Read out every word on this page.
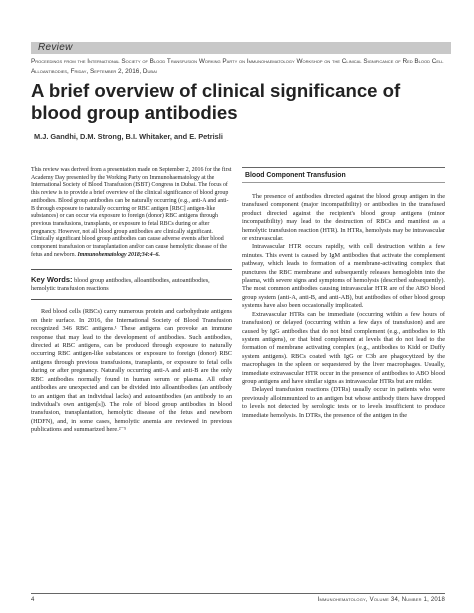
Review
Proceedings from the International Society of Blood Transfusion Working Party on Immunohaematology Workshop on the Clinical Significance of Red Blood Cell Alloantibodies, Friday, September 2, 2016, Dubai
A brief overview of clinical significance of blood group antibodies
M.J. Gandhi, D.M. Strong, B.I. Whitaker, and E. Petrisli
This review was derived from a presentation made on September 2, 2016 for the first Academy Day presented by the Working Party on Immunohaematology at the International Society of Blood Transfusion (ISBT) Congress in Dubai. The focus of this review is to provide a brief overview of the clinical significance of blood group antibodies. Blood group antibodies can be naturally occurring (e.g., anti-A and anti-B through exposure to naturally occurring or RBC antigen [RBC] antigen-like substances) or can occur via exposure to foreign (donor) RBC antigens through previous transfusions, transplants, or exposure to fetal RBCs during or after pregnancy. However, not all blood group antibodies are clinically significant. Clinically significant blood group antibodies can cause adverse events after blood component transfusion or transplantation and/or can cause hemolytic disease of the fetus and newborn. Immunohematology 2018;34:4–6.
Key Words: blood group antibodies, alloantibodies, autoantibodies, hemolytic transfusion reactions

Red blood cells (RBCs) carry numerous protein and carbohydrate antigens on their surface. In 2016, the International Society of Blood Transfusion recognized 346 RBC antigens.¹ These antigens can provoke an immune response that may lead to the development of antibodies. Such antibodies, directed at RBC antigens, can be produced through exposure to naturally occurring RBC antigen-like substances or exposure to foreign (donor) RBC antigens through previous transfusions, transplants, or exposure to fetal cells during or after pregnancy. Naturally occurring anti-A and anti-B are the only RBC antibodies normally found in human serum or plasma. All other antibodies are unexpected and can be divided into alloantibodies (an antibody to an antigen that an individual lacks) and autoantibodies (an antibody to an individual's own antigen[s]). The role of blood group antibodies in blood transfusion, transplantation, hemolytic disease of the fetus and newborn (HDFN), and, in some cases, hemolytic anemia are reviewed in previous publications and summarized here.²⁻⁵

Blood Component Transfusion

The presence of antibodies directed against the blood group antigen in the transfused component (major incompatibility) or antibodies in the transfused product directed against the recipient's blood group antigens (minor incompatibility) may lead to the destruction of RBCs and manifest as a hemolytic transfusion reaction (HTR). In HTRs, hemolysis may be intravascular or extravascular.

Intravascular HTR occurs rapidly, with cell destruction within a few minutes. This event is caused by IgM antibodies that activate the complement pathway, which leads to formation of a membrane-activating complex that punctures the RBC membrane and subsequently releases hemoglobin into the plasma, with severe signs and symptoms of hemolysis (described subsequently). The most common antibodies causing intravascular HTR are of the ABO blood group system (anti-A, anti-B, and anti-AB), but antibodies of other blood group systems have also been occasionally implicated.

Extravascular HTRs can be immediate (occurring within a few hours of transfusion) or delayed (occurring within a few days of transfusion) and are caused by IgG antibodies that do not bind complement (e.g., antibodies to Rh system antigens), or that bind complement at levels that do not lead to the formation of membrane activating complex (e.g., antibodies to Kidd or Duffy system antigens). RBCs coated with IgG or C3b are phagocytized by the macrophages in the spleen or sequestered by the liver macrophages. Usually, immediate extravascular HTR occur in the presence of antibodies to ABO blood group antigens and have similar signs as intravascular HTRs but are milder.

Delayed transfusion reactions (DTRs) usually occur in patients who were previously alloimmunized to an antigen but whose antibody titers have dropped to levels not detected by serologic tests or to levels insufficient to produce immediate hemolysis. In DTRs, the presence of the antigen in the

4	Immunohematology, Volume 34, Number 1, 2018
